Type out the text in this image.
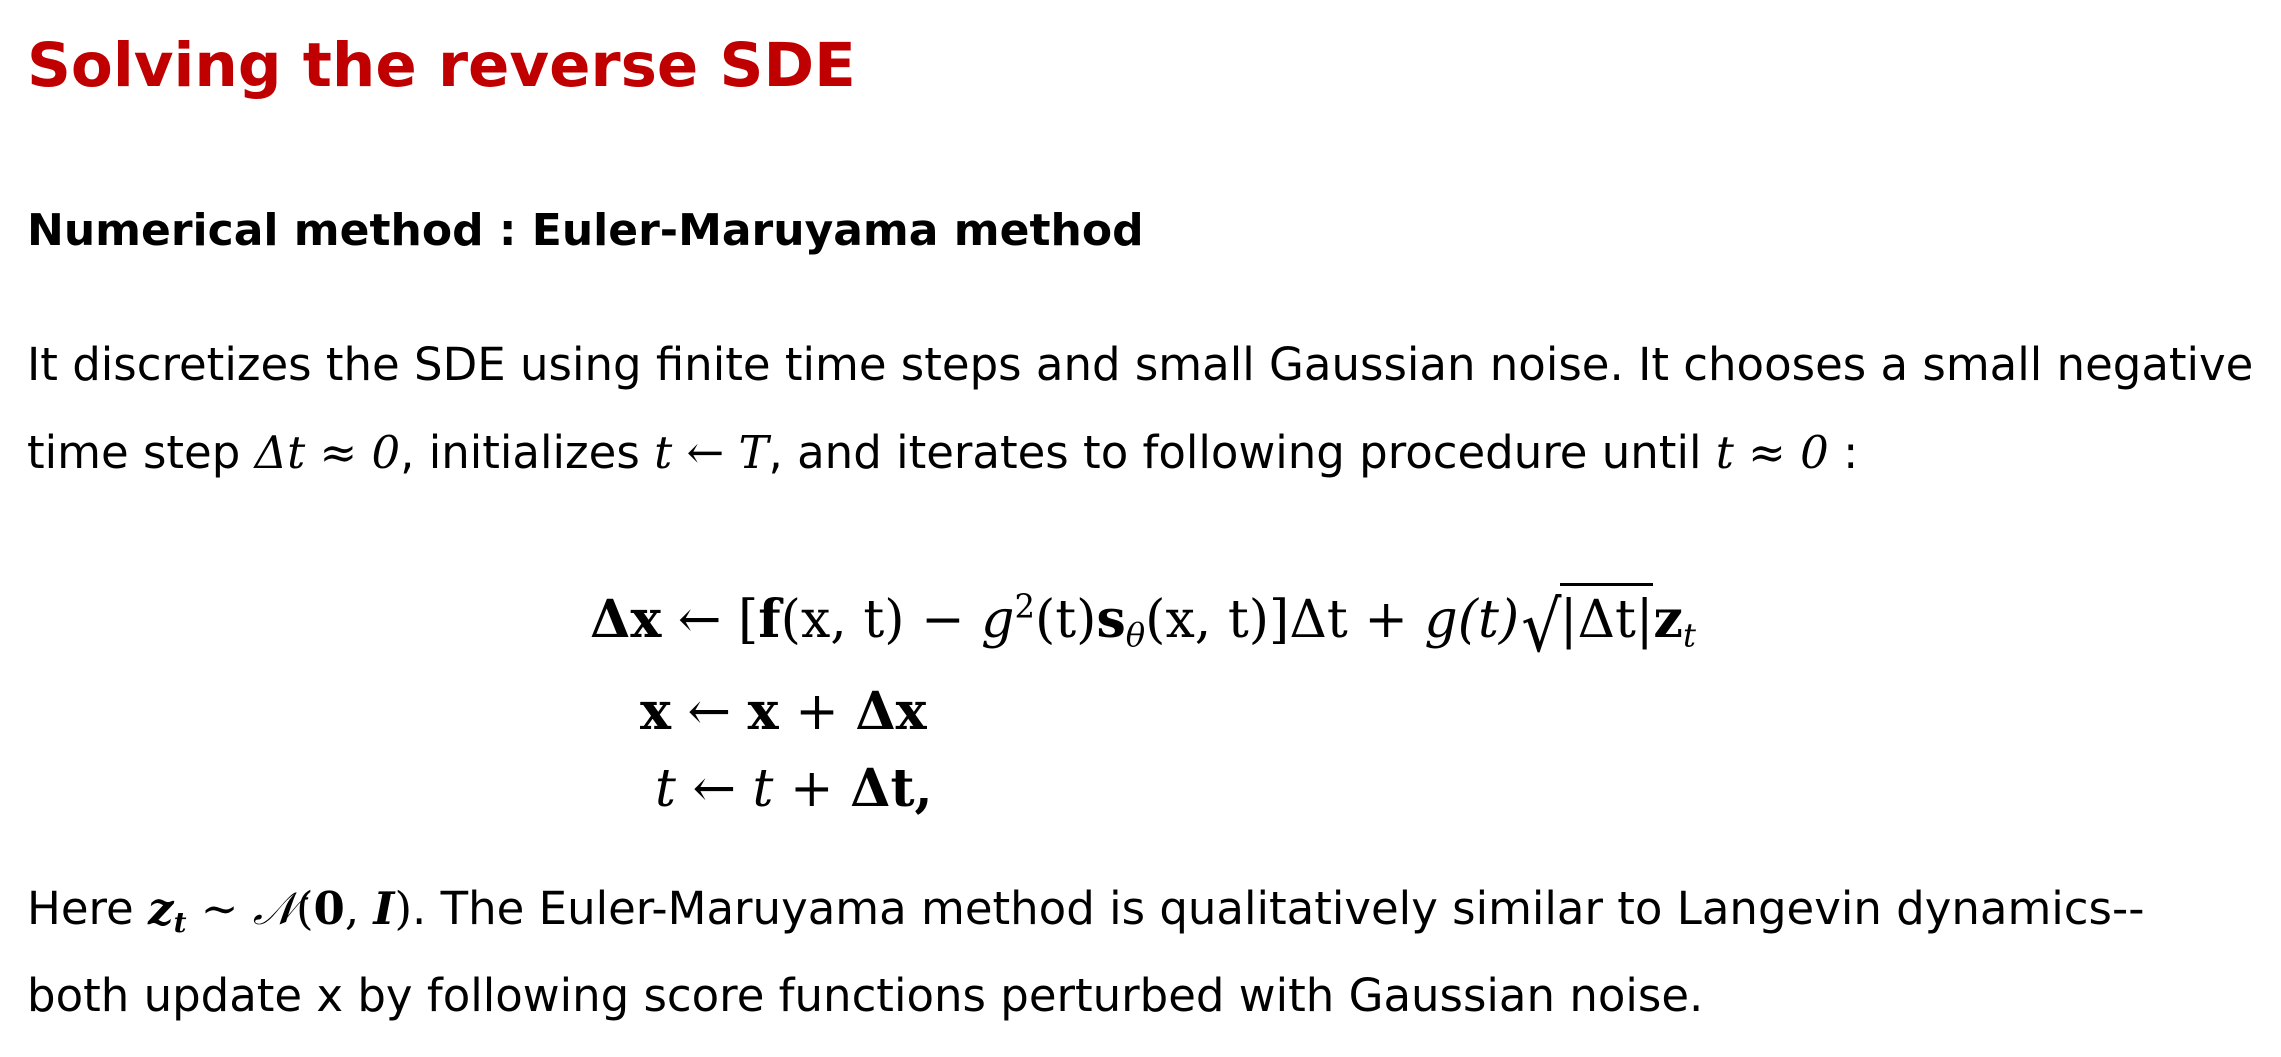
Solving the reverse SDE
Numerical method : Euler-Maruyama method

It discretizes the SDE using finite time steps and small Gaussian noise. It chooses a small negative

time step Δt ≈ 0, initializes t ← T, and iterates to following procedure until t ≈ 0 :

Δx ← [f(x, $t) - g^2(t)s_\theta(x$, $t)]\Delta t + g(t)√|\Delta t|z_t$
x ← x + Δx
t ← t + Δt,

Here $z_t$ ∼ 𝒩(0, I). The Euler-Maruyama method is qualitatively similar to Langevin dynamics--

both update x by following score functions perturbed with Gaussian noise.
